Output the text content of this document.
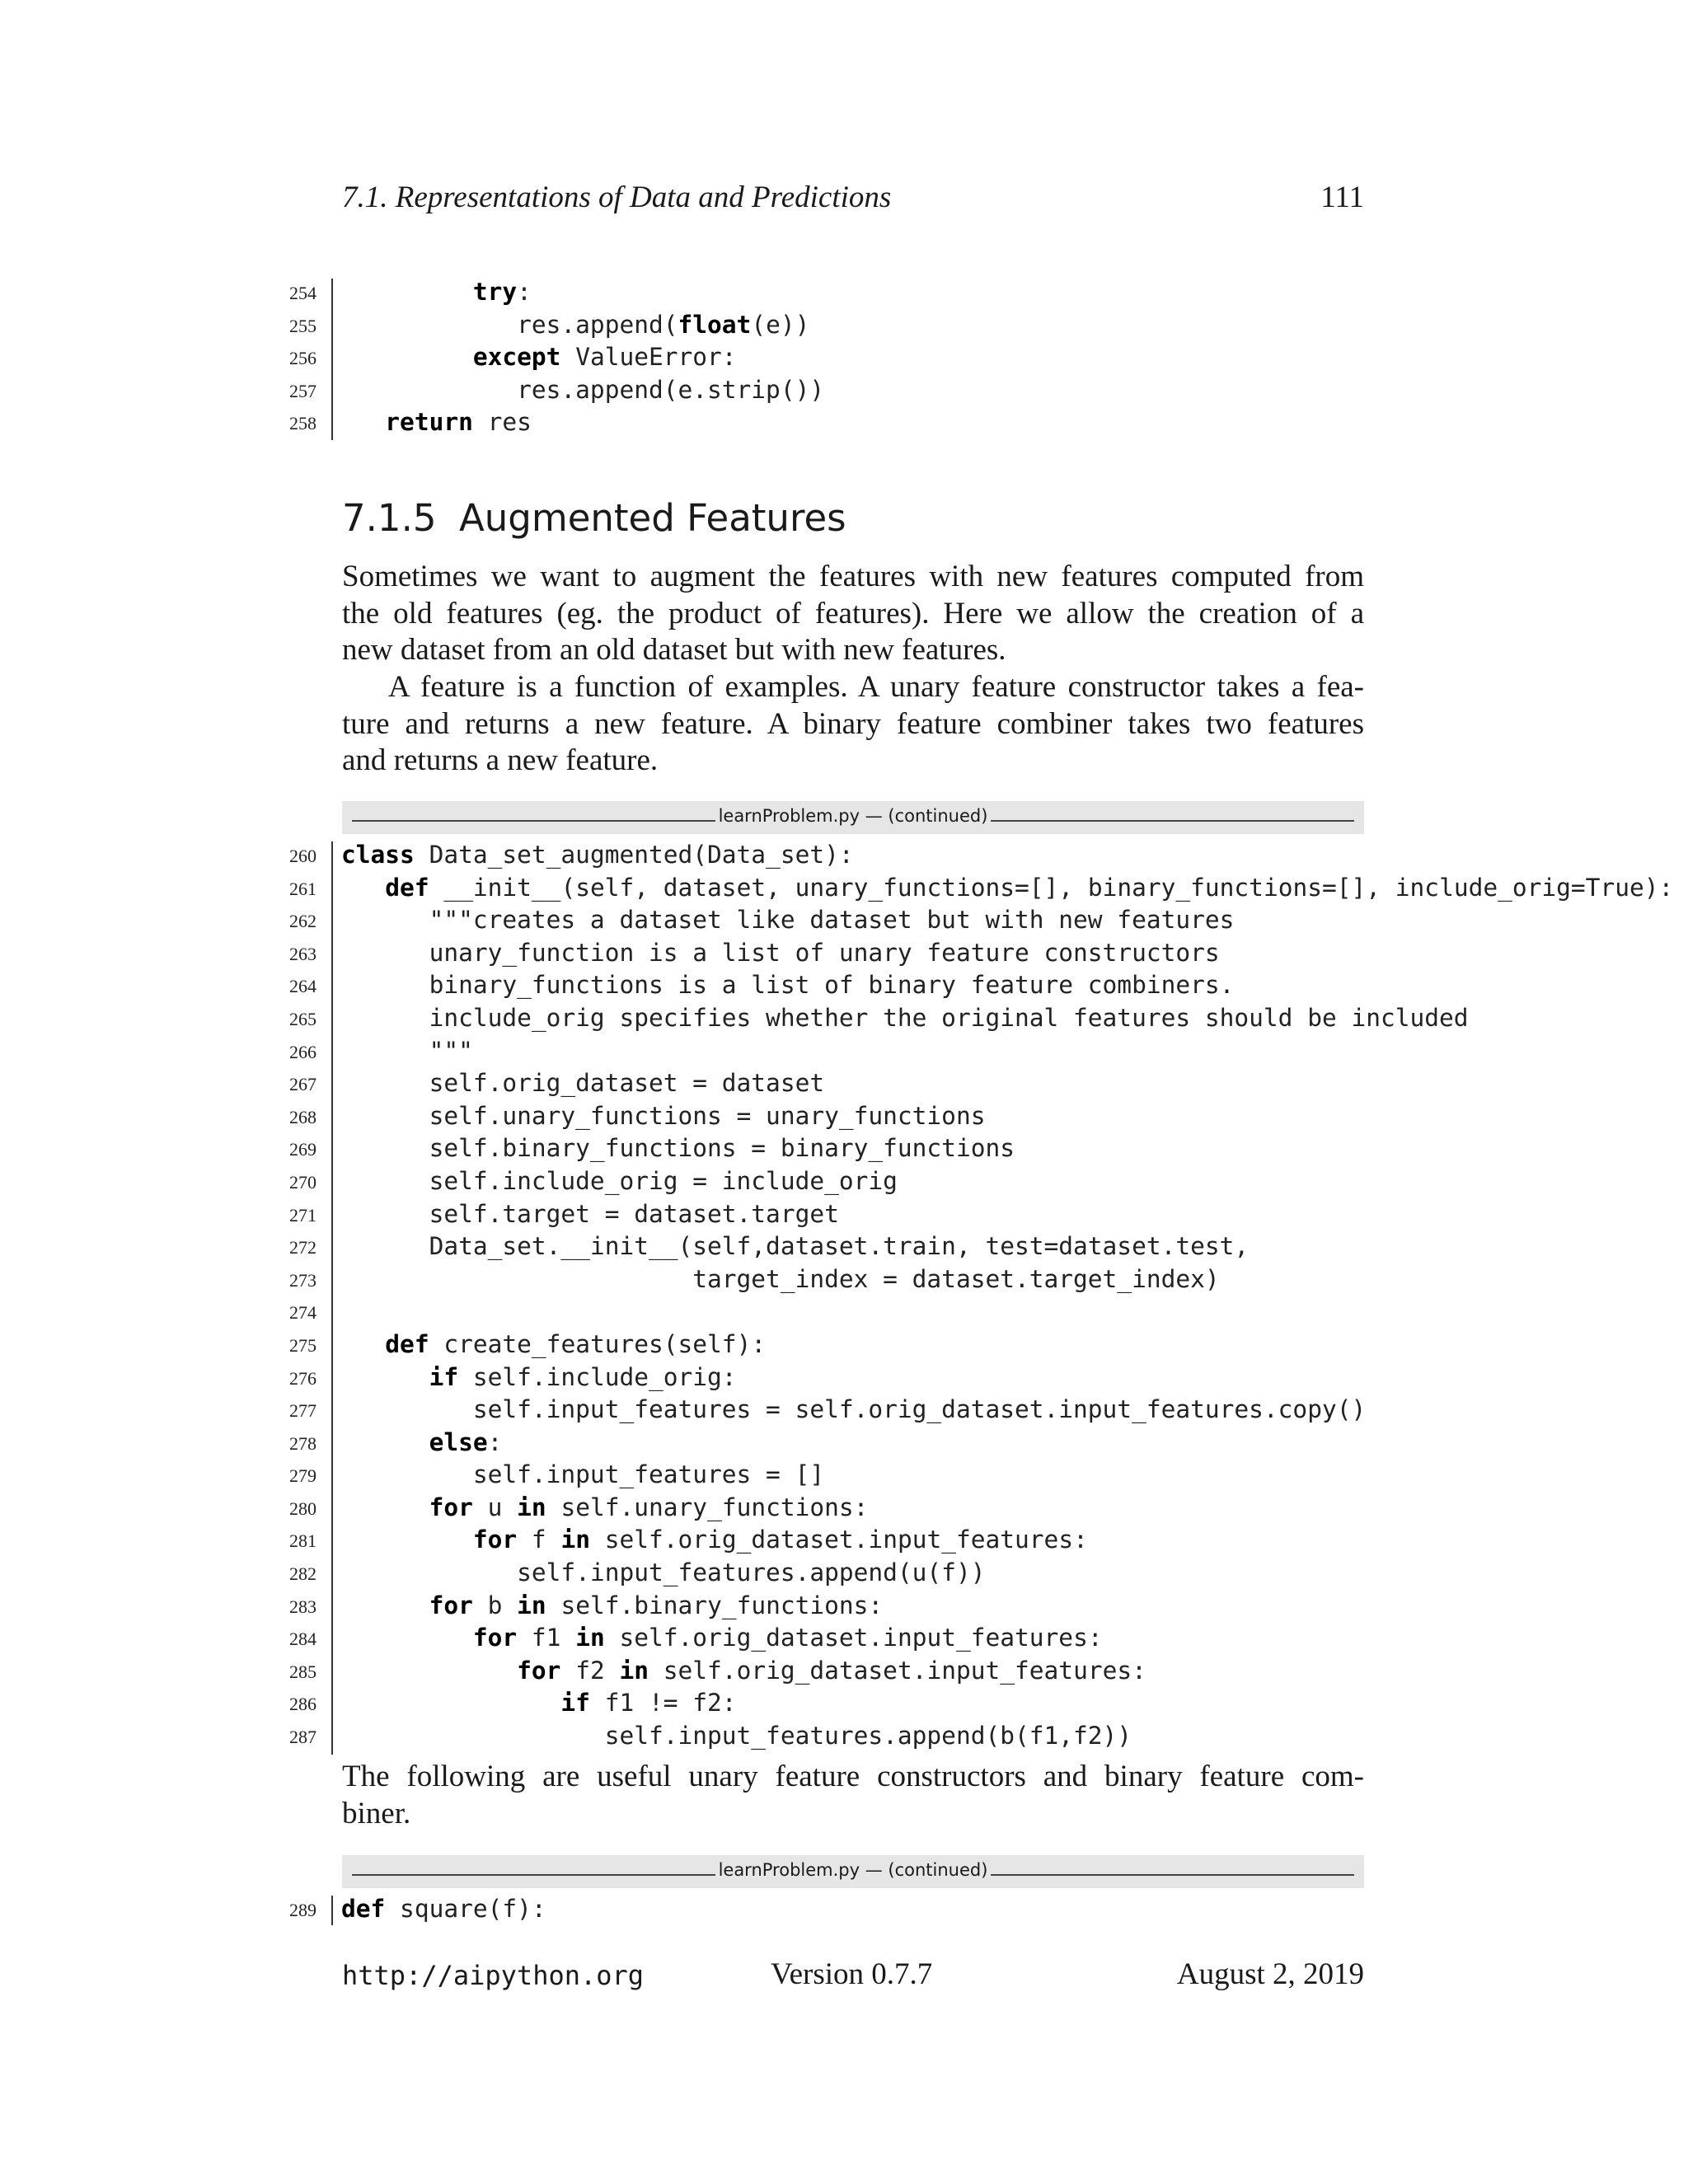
7.1. Representations of Data and Predictions	111
254	try:
255 res.append(float(e))
256	except ValueError:
257 res.append(e.strip())
258	return res
7.1.5 Augmented Features
Sometimes we want to augment the features with new features computed from
the old features (eg. the product of features). Here we allow the creation of a
new dataset from an old dataset but with new features.
A feature is a function of examples. A unary feature constructor takes a fea-
ture and returns a new feature. A binary feature combiner takes two features
and returns a new feature.
learnProblem.py — (continued)
260 class Data_set_augmented(Data_set):
261	def __init__(self, dataset, unary_functions=[], binary_functions=[], include_orig=True):
262 """creates a dataset like dataset but with new features
263 unary_function is a list of unary feature constructors
264 binary_functions is a list of binary feature combiners.
265 include_orig specifies whether the original features should be included
266 """
267 self.orig_dataset = dataset
268 self.unary_functions = unary_functions
269 self.binary_functions = binary_functions
270 self.include_orig = include_orig
271 self.target = dataset.target
272 Data_set.__init__(self,dataset.train, test=dataset.test,
273 target_index = dataset.target_index)
274
275	def create_features(self):
276	if self.include_orig:
277 self.input_features = self.orig_dataset.input_features.copy()
278	else:
279 self.input_features = []
280	for u in self.unary_functions:
281	for f in self.orig_dataset.input_features:
282 self.input_features.append(u(f))
283	for b in self.binary_functions:
284	for f1 in self.orig_dataset.input_features:
285	for f2 in self.orig_dataset.input_features:
286	if f1 != f2:
287 self.input_features.append(b(f1,f2))
The following are useful unary feature constructors and binary feature com-
biner.
learnProblem.py — (continued)
289 def square(f):
http://aipython.org	Version 0.7.7	August 2, 2019
